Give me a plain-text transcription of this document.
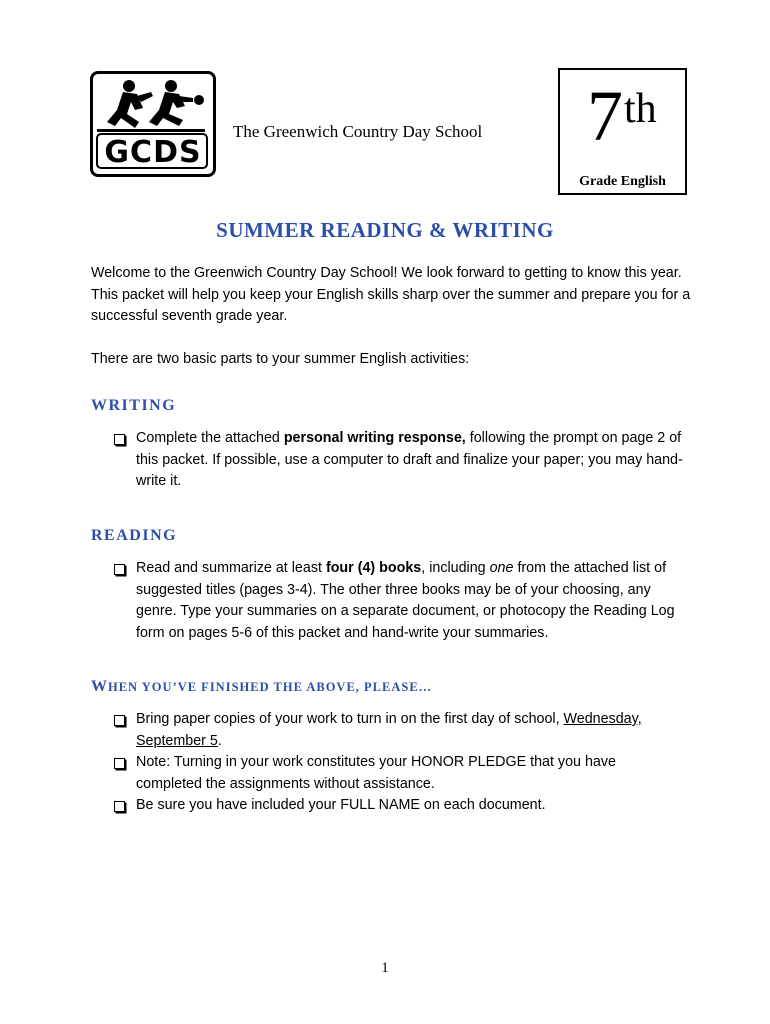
GCDS
The Greenwich Country Day School 7 th
Grade English
SUMMER READING & WRITING
Welcome to the Greenwich Country Day School! We look forward to getting to know this year. This packet will help you keep your English skills sharp over the summer and prepare you for a successful seventh grade year.
There are two basic parts to your summer English activities:
WRITING
Complete the attached personal writing response, following the prompt on page 2 of this packet. If possible, use a computer to draft and finalize your paper; you may hand-write it.
READING
Read and summarize at least four (4) books, including one from the attached list of suggested titles (pages 3-4). The other three books may be of your choosing, any genre. Type your summaries on a separate document, or photocopy the Reading Log form on pages 5-6 of this packet and hand-write your summaries.
WHEN YOU’VE FINISHED THE ABOVE, PLEASE…
Bring paper copies of your work to turn in on the first day of school, Wednesday, September 5.
Note: Turning in your work constitutes your HONOR PLEDGE that you have completed the assignments without assistance.
Be sure you have included your FULL NAME on each document.
1
